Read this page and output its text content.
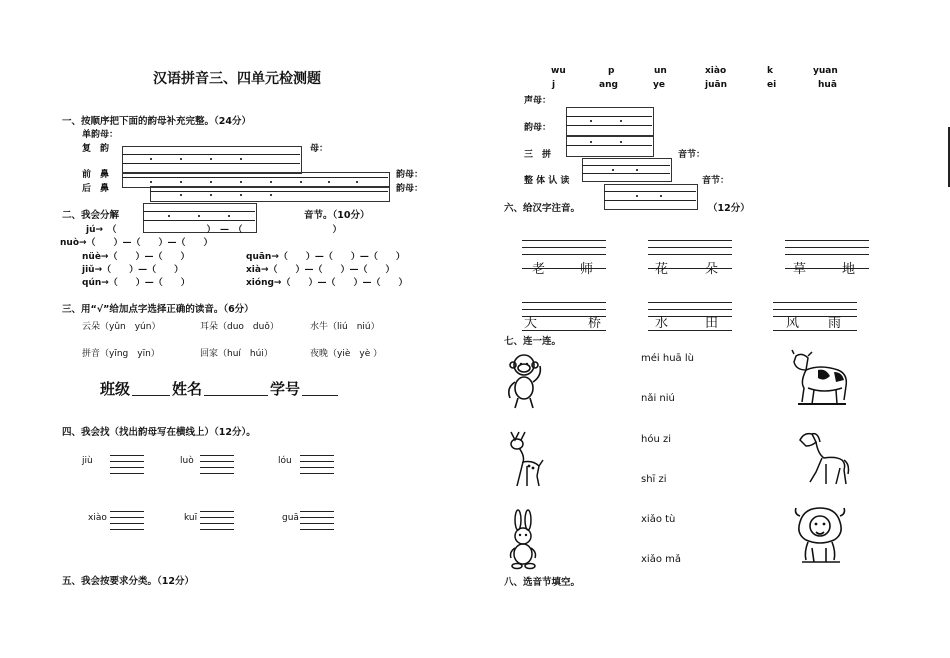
汉语拼音三、四单元检测题
一、按顺序把下面的韵母补充完整。（24分）
单韵母：
复　韵	母：
前　鼻	韵母：
后　鼻	韵母：
二、我会分解	音节。（10分）
jú→　（　　　　　　　　　　）　—　（　　　　　　　　　　）
nuò→（　　）—（　　）—（　　）
nüè→（　　）—（　　）
jiǔ→（　　）—（　　）
qún→（　　）—（　　）
quān→（　　）—（　　）—（　　）
xià→（　　）—（　　）—（　　）
xióng→（　　）—（　　）—（　　）
三、用“√”给加点字选择正确的读音。（6分）
云朵（yǔn　yún）	耳朵（duo　duǒ）	水牛（liú　niú）
拼音（yīng　yīn）	回家（huí　húi）	夜晚（yiè　yè ）
班级	姓名	学号
四、我会找（找出韵母写在横线上）（12分）。
jiù	luò	lóu
xiào	kuī	guā
五、我会按要求分类。（12分）
wu	p	un	xiào	k	yuan
j	ang	ye	juān	ei	huā
声母：
韵母：
三　拼	音节：
整 体 认 读	音节：
六、给汉字注音。	（12分）
老	师	花	朵	草	地
大	桥	水	田	风 雨
七、连一连。
méi huā lù
nǎi niú
hóu zi
shī zi
xiǎo tù
xiǎo mǎ
八、选音节填空。
